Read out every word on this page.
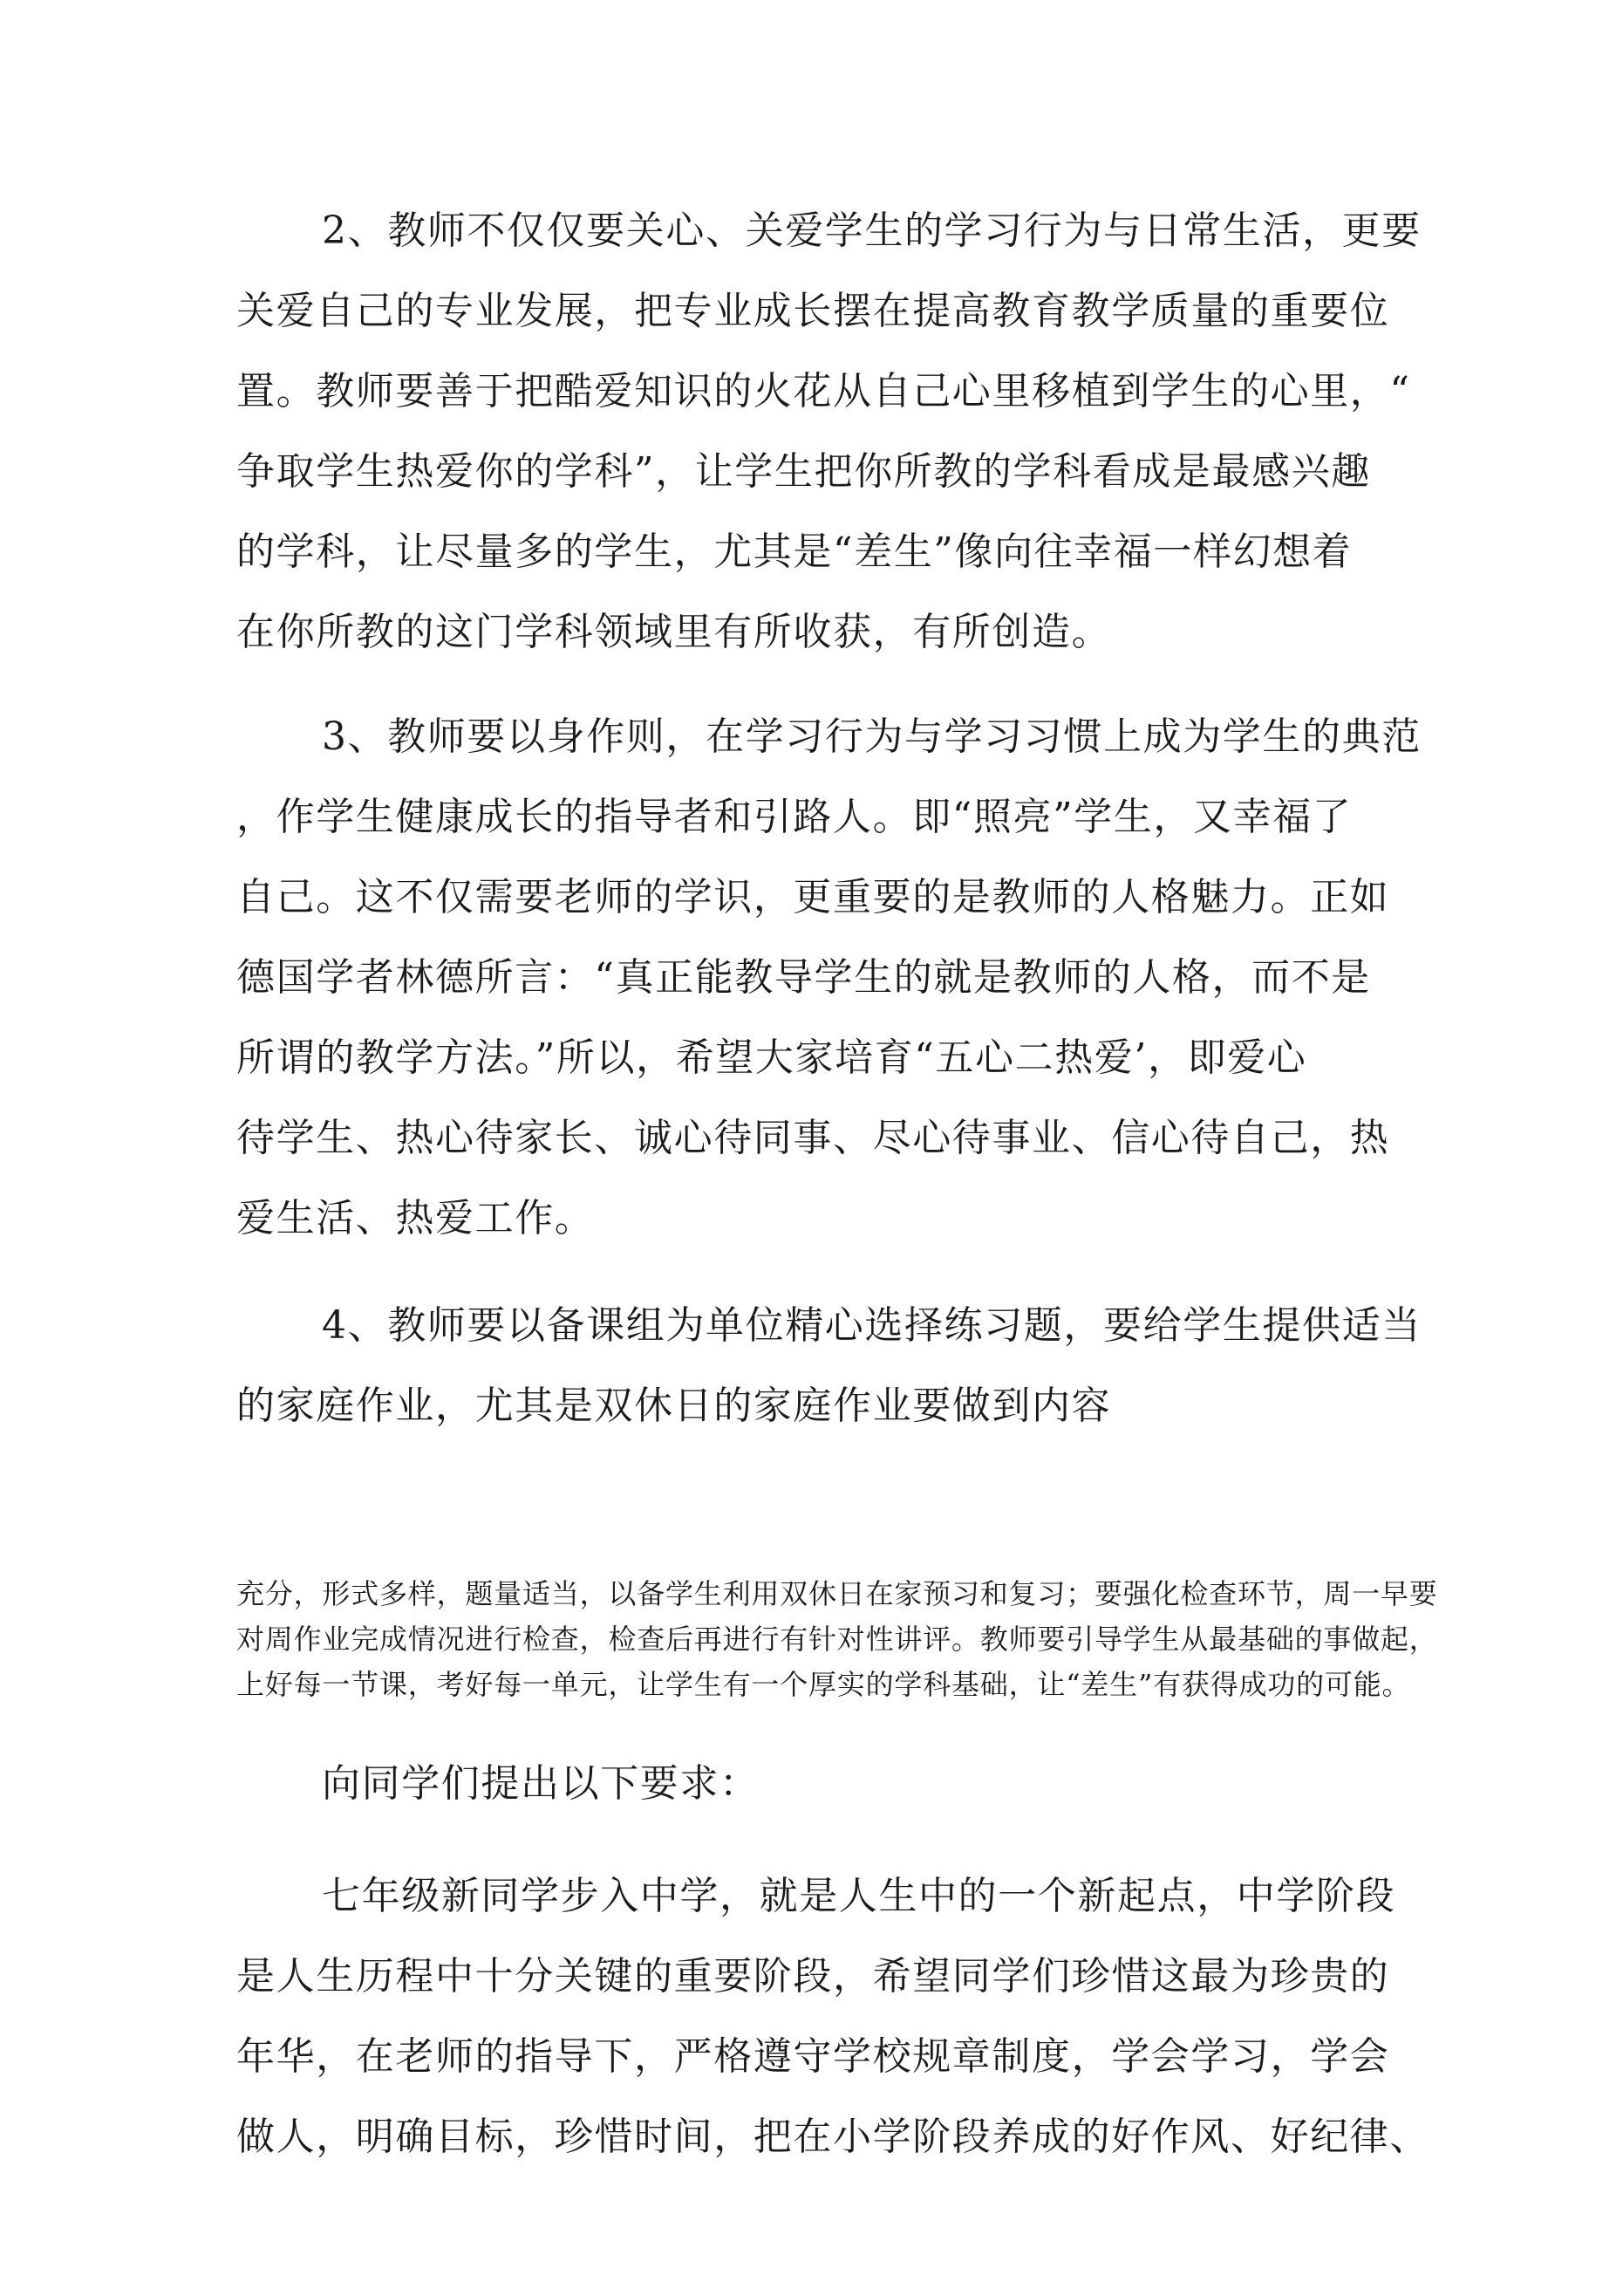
2、教师不仅仅要关心、关爱学生的学习行为与日常生活，更要
关爱自己的专业发展，把专业成长摆在提高教育教学质量的重要位
置。教师要善于把酷爱知识的火花从自己心里移植到学生的心里，“
争取学生热爱你的学科”，让学生把你所教的学科看成是最感兴趣
的学科，让尽量多的学生，尤其是“差生”像向往幸福一样幻想着
在你所教的这门学科领域里有所收获，有所创造。
3、教师要以身作则，在学习行为与学习习惯上成为学生的典范
，作学生健康成长的指导者和引路人。即“照亮”学生，又幸福了
自己。这不仅需要老师的学识，更重要的是教师的人格魅力。正如
德国学者林德所言：“真正能教导学生的就是教师的人格，而不是
所谓的教学方法。”所以，希望大家培育“五心二热爱’，即爱心
待学生、热心待家长、诚心待同事、尽心待事业、信心待自己，热
爱生活、热爱工作。
4、教师要以备课组为单位精心选择练习题，要给学生提供适当
的家庭作业，尤其是双休日的家庭作业要做到内容
充分，形式多样，题量适当，以备学生利用双休日在家预习和复习；要强化检查环节，周一早要
对周作业完成情况进行检查，检查后再进行有针对性讲评。教师要引导学生从最基础的事做起，
上好每一节课，考好每一单元，让学生有一个厚实的学科基础，让“差生”有获得成功的可能。
向同学们提出以下要求：
七年级新同学步入中学，就是人生中的一个新起点，中学阶段
是人生历程中十分关键的重要阶段，希望同学们珍惜这最为珍贵的
年华，在老师的指导下，严格遵守学校规章制度，学会学习，学会
做人，明确目标，珍惜时间，把在小学阶段养成的好作风、好纪律、
